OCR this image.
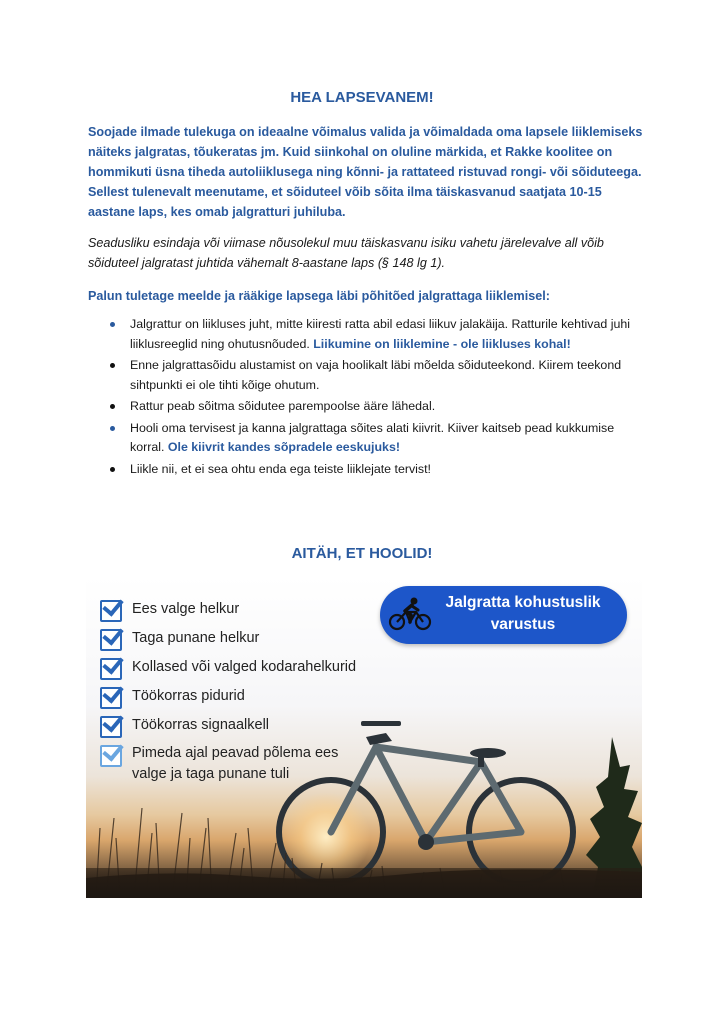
HEA LAPSEVANEM!

Soojade ilmade tulekuga on ideaalne võimalus valida ja võimaldada oma lapsele liiklemiseks näiteks jalgratas, tõukeratas jm. Kuid siinkohal on oluline märkida, et Rakke koolitee on hommikuti üsna tiheda autoliiklusega ning kõnni- ja rattateed ristuvad rongi- või sõiduteega. Sellest tulenevalt meenutame, et sõiduteel võib sõita ilma täiskasvanud saatjata 10-15 aastane laps, kes omab jalgratturi juhiluba.

Seadusliku esindaja või viimase nõusolekul muu täiskasvanu isiku vahetu järelevalve all võib sõiduteel jalgratast juhtida vähemalt 8-aastane laps (§ 148 lg 1).

Palun tuletage meelde ja rääkige lapsega läbi põhitõed jalgrattaga liiklemisel:

Jalgrattur on liikluses juht, mitte kiiresti ratta abil edasi liikuv jalakäija. Ratturile kehtivad juhi liiklusreeglid ning ohutusnõuded. Liikumine on liiklemine - ole liikluses kohal!
Enne jalgrattasõidu alustamist on vaja hoolikalt läbi mõelda sõiduteekond. Kiirem teekond sihtpunkti ei ole tihti kõige ohutum.
Rattur peab sõitma sõidutee parempoolse ääre lähedal.
Hooli oma tervisest ja kanna jalgrattaga sõites alati kiivrit. Kiiver kaitseb pead kukkumise korral. Ole kiivrit kandes sõpradele eeskujuks!
Liikle nii, et ei sea ohtu enda ega teiste liiklejate tervist!
AITÄH, ET HOOLID!
Ees valge helkur
Taga punane helkur
Kollased või valged kodarahelkurid
Töökorras pidurid
Töökorras signaalkell
Pimeda ajal peavad põlema ees
valge ja taga punane tuli
Jalgratta kohustuslik
varustus
